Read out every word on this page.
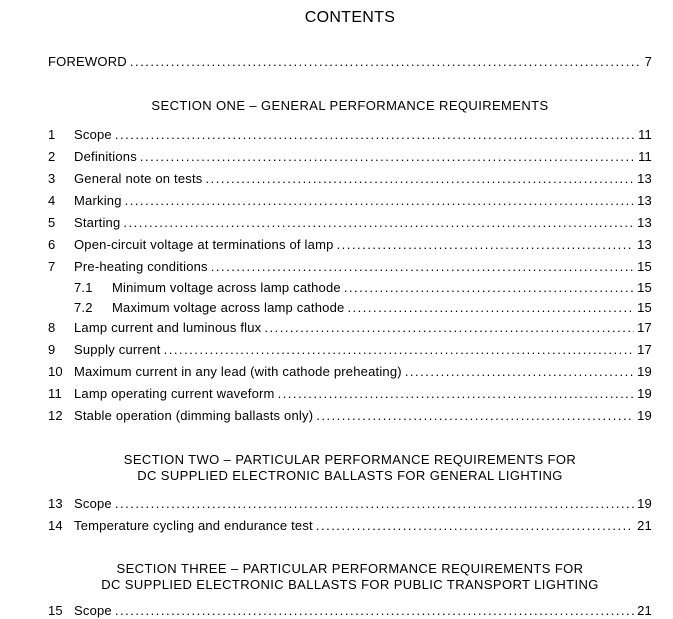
CONTENTS
FOREWORD .....	7
SECTION ONE – GENERAL PERFORMANCE REQUIREMENTS
1	Scope .....	11
2	Definitions .....	11
3	General note on tests .....	13
4	Marking .....	13
5	Starting .....	13
6	Open-circuit voltage at terminations of lamp .....	13
7	Pre-heating conditions .....	15
7.1	Minimum voltage across lamp cathode .....	15
7.2	Maximum voltage across lamp cathode .....	15
8	Lamp current and luminous flux .....	17
9	Supply current .....	17
10 Maximum current in any lead (with cathode preheating) .....	19
11 Lamp operating current waveform .....	19
12 Stable operation (dimming ballasts only) .....	19
SECTION TWO – PARTICULAR PERFORMANCE REQUIREMENTS FOR
DC SUPPLIED ELECTRONIC BALLASTS FOR GENERAL LIGHTING
13 Scope .....	19
14 Temperature cycling and endurance test .....	21
SECTION THREE – PARTICULAR PERFORMANCE REQUIREMENTS FOR
DC SUPPLIED ELECTRONIC BALLASTS FOR PUBLIC TRANSPORT LIGHTING
15 Scope .....	21
